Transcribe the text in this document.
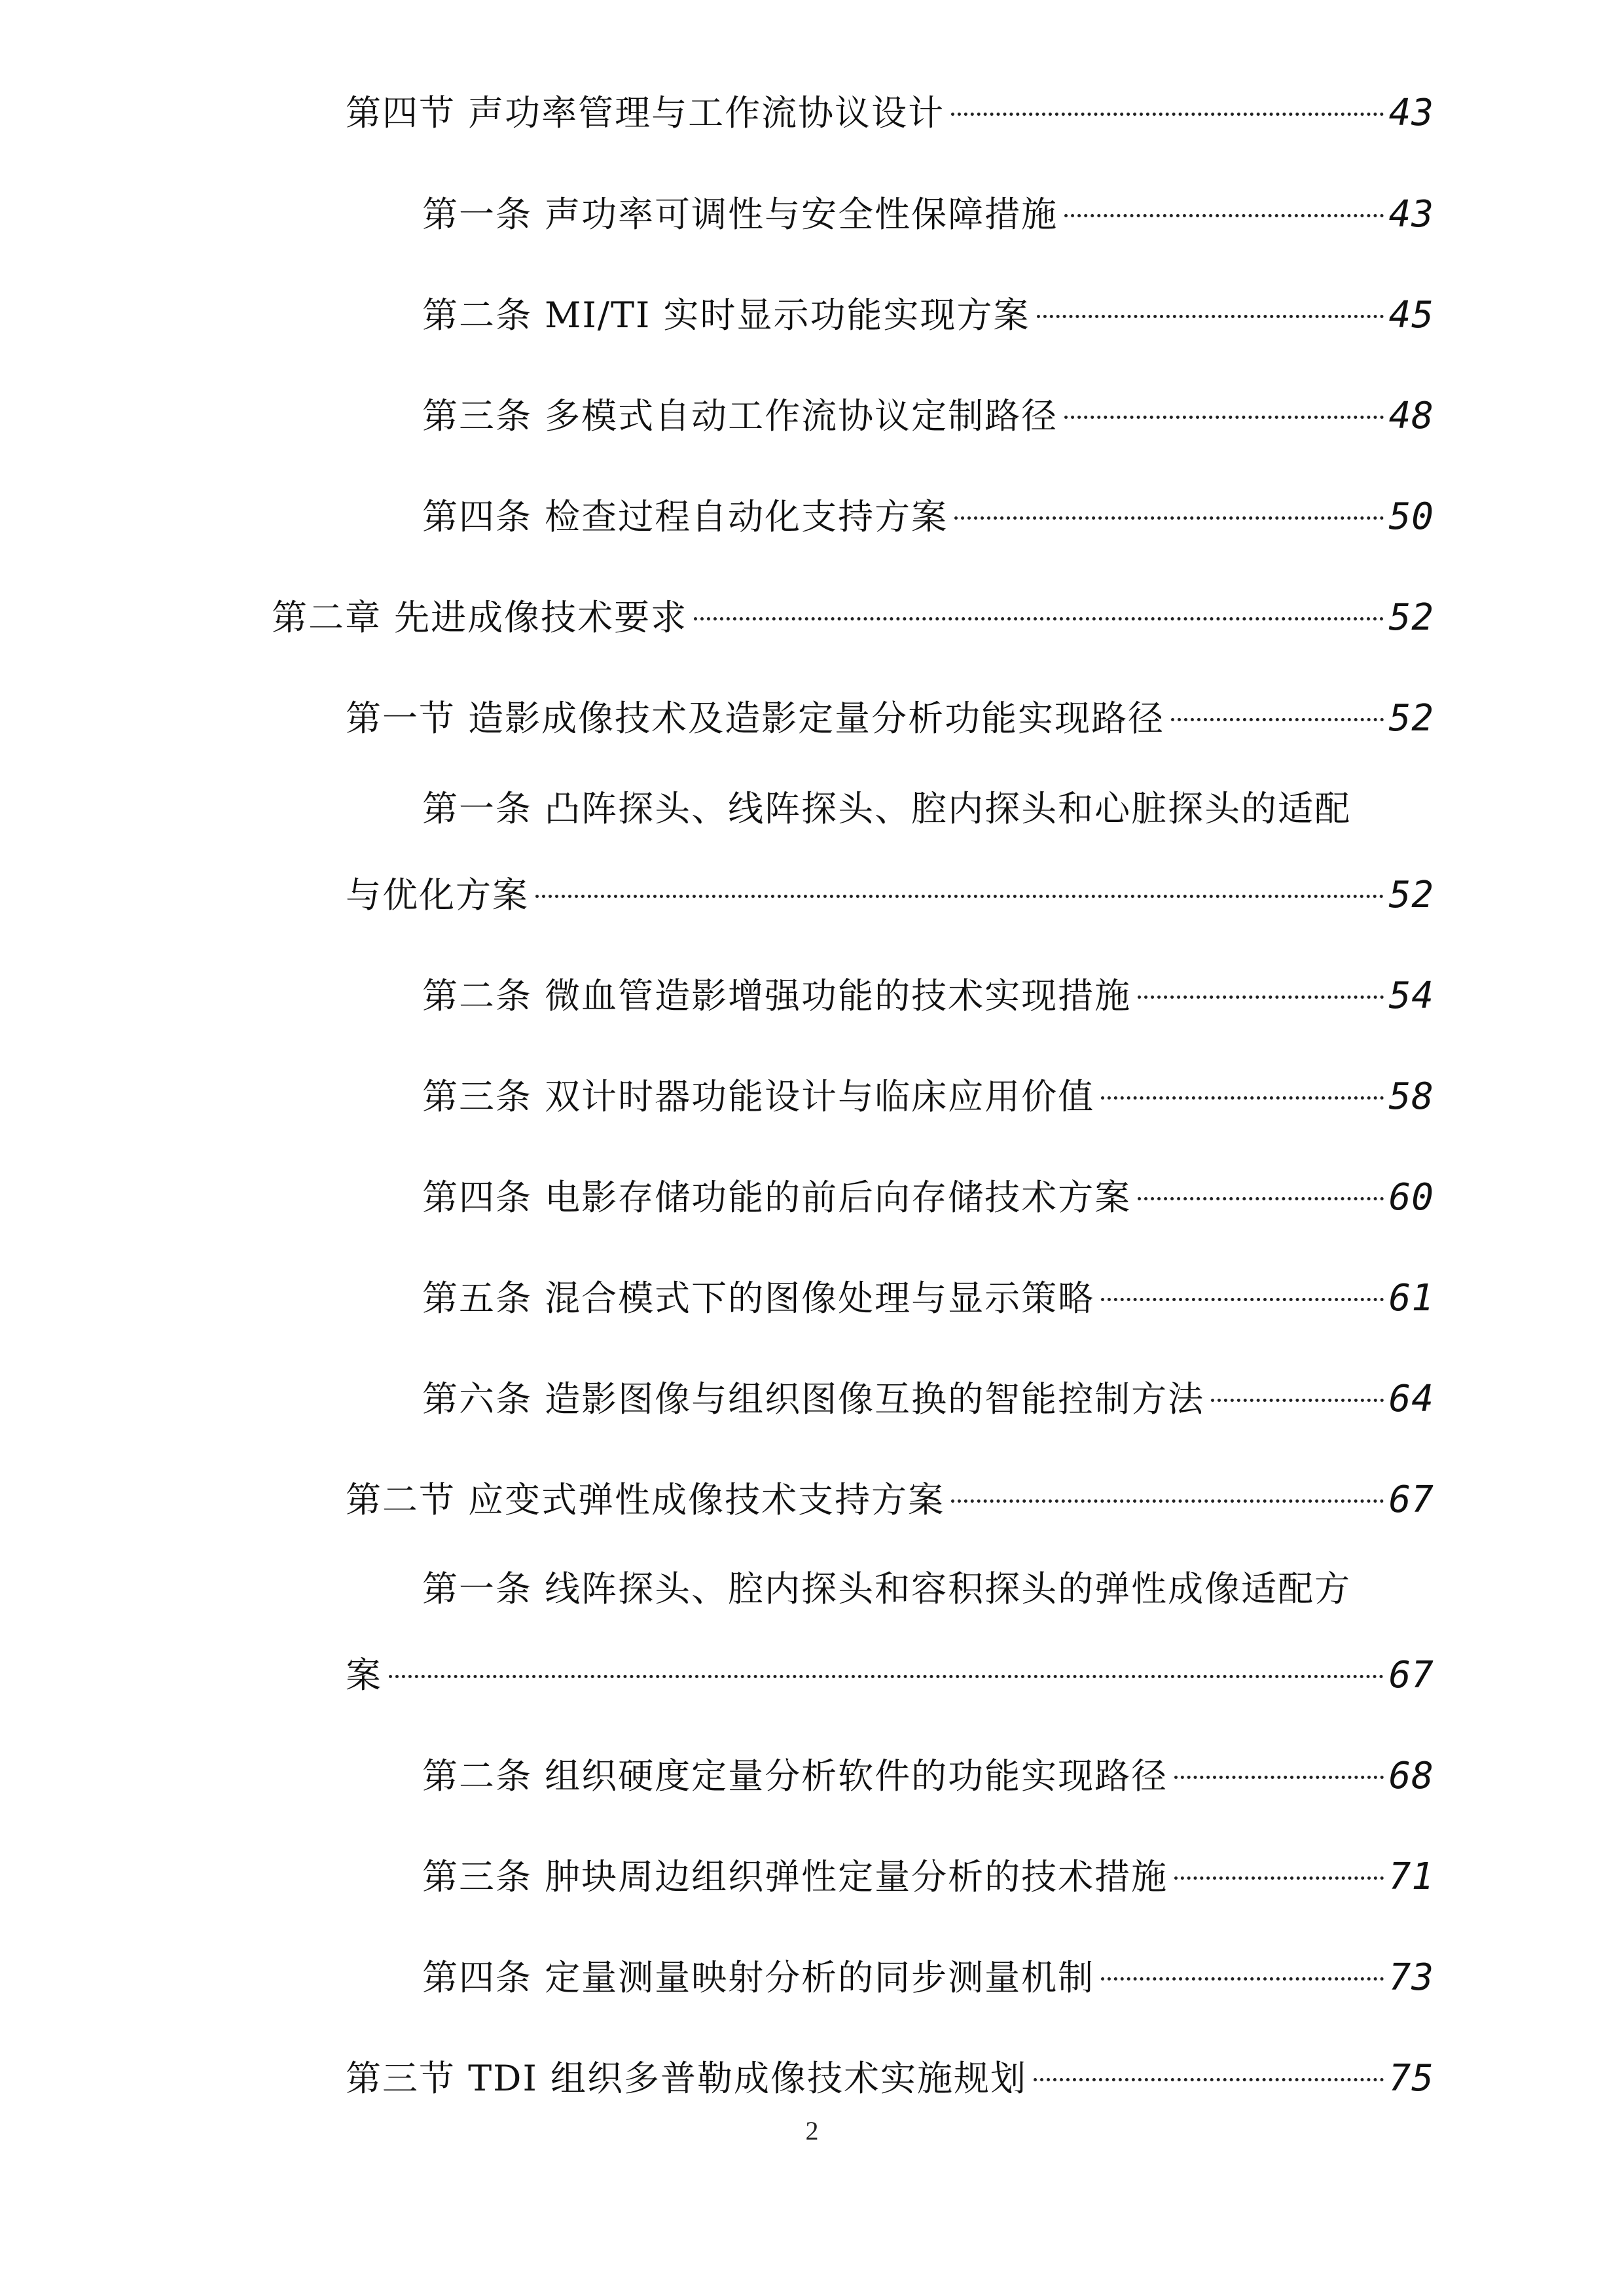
第四节 声功率管理与工作流协议设计	43
第一条 声功率可调性与安全性保障措施	43
第二条 MI/TI 实时显示功能实现方案	45
第三条 多模式自动工作流协议定制路径	48
第四条 检查过程自动化支持方案	50
第二章 先进成像技术要求	52
第一节 造影成像技术及造影定量分析功能实现路径	52
第一条 凸阵探头、线阵探头、腔内探头和心脏探头的适配
与优化方案	52
第二条 微血管造影增强功能的技术实现措施	54
第三条 双计时器功能设计与临床应用价值	58
第四条 电影存储功能的前后向存储技术方案	60
第五条 混合模式下的图像处理与显示策略	61
第六条 造影图像与组织图像互换的智能控制方法	64
第二节 应变式弹性成像技术支持方案	67
第一条 线阵探头、腔内探头和容积探头的弹性成像适配方
案	67
第二条 组织硬度定量分析软件的功能实现路径	68
第三条 肿块周边组织弹性定量分析的技术措施	71
第四条 定量测量映射分析的同步测量机制	73
第三节 TDI 组织多普勒成像技术实施规划	75
2
